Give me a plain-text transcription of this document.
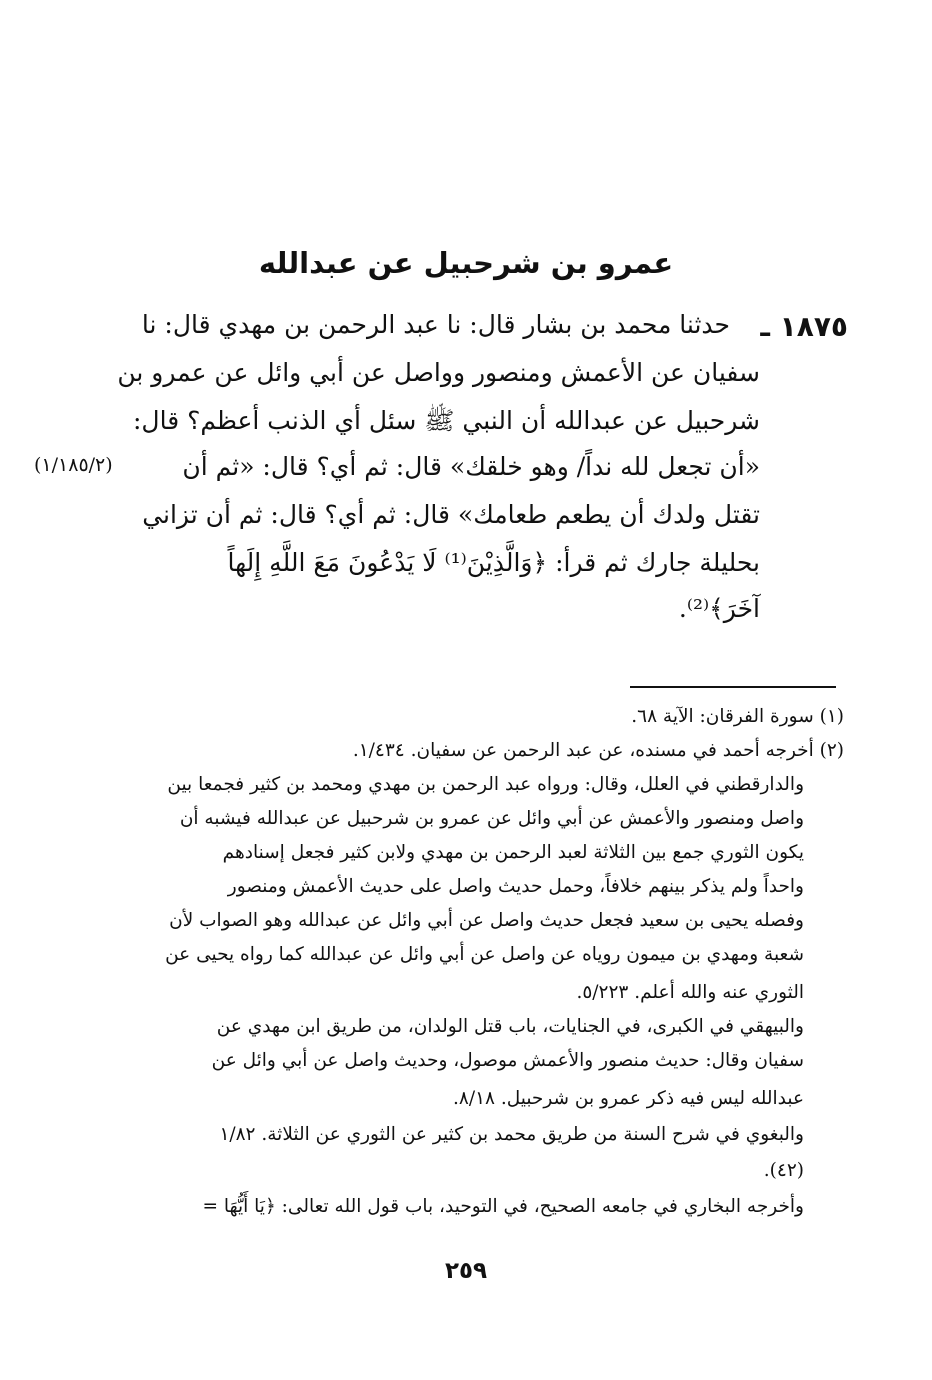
عمرو بن شرحبيل عن عبدالله
١٨٧٥ ـ
حدثنا محمد بن بشار قال: نا عبد الرحمن بن مهدي قال: نا
سفيان عن الأعمش ومنصور وواصل عن أبي وائل عن عمرو بن
شرحبيل عن عبدالله أن النبي ﷺ سئل أي الذنب أعظم؟ قال:
«أن تجعل لله نداً/ وهو خلقك» قال: ثم أي؟ قال: «ثم أن
تقتل ولدك أن يطعم طعامك» قال: ثم أي؟ قال: ثم أن تزاني
بحليلة جارك ثم قرأ: ﴿وَالَّذِيْنَ⁽¹⁾ لَا يَدْعُونَ مَعَ اللَّهِ إِلَهاً
آخَرَ﴾⁽²⁾.
(١/١٨٥/٢)
(١) سورة الفرقان: الآية ٦٨.
(٢) أخرجه أحمد في مسنده، عن عبد الرحمن عن سفيان. ١/٤٣٤.
والدارقطني في العلل، وقال: ورواه عبد الرحمن بن مهدي ومحمد بن كثير فجمعا بين
واصل ومنصور والأعمش عن أبي وائل عن عمرو بن شرحبيل عن عبدالله فيشبه أن
يكون الثوري جمع بين الثلاثة لعبد الرحمن بن مهدي ولابن كثير فجعل إسنادهم
واحداً ولم يذكر بينهم خلافاً، وحمل حديث واصل على حديث الأعمش ومنصور
وفصله يحيى بن سعيد فجعل حديث واصل عن أبي وائل عن عبدالله وهو الصواب لأن
شعبة ومهدي بن ميمون روياه عن واصل عن أبي وائل عن عبدالله كما رواه يحيى عن
الثوري عنه والله أعلم. ٥/٢٢٣.
والبيهقي في الكبرى، في الجنايات، باب قتل الولدان، من طريق ابن مهدي عن
سفيان وقال: حديث منصور والأعمش موصول، وحديث واصل عن أبي وائل عن
عبدالله ليس فيه ذكر عمرو بن شرحبيل. ٨/١٨.
والبغوي في شرح السنة من طريق محمد بن كثير عن الثوري عن الثلاثة. ١/٨٢
(٤٢).
وأخرجه البخاري في جامعه الصحيح، في التوحيد، باب قول الله تعالى: ﴿يَا أَيُّهَا =
٢٥٩
